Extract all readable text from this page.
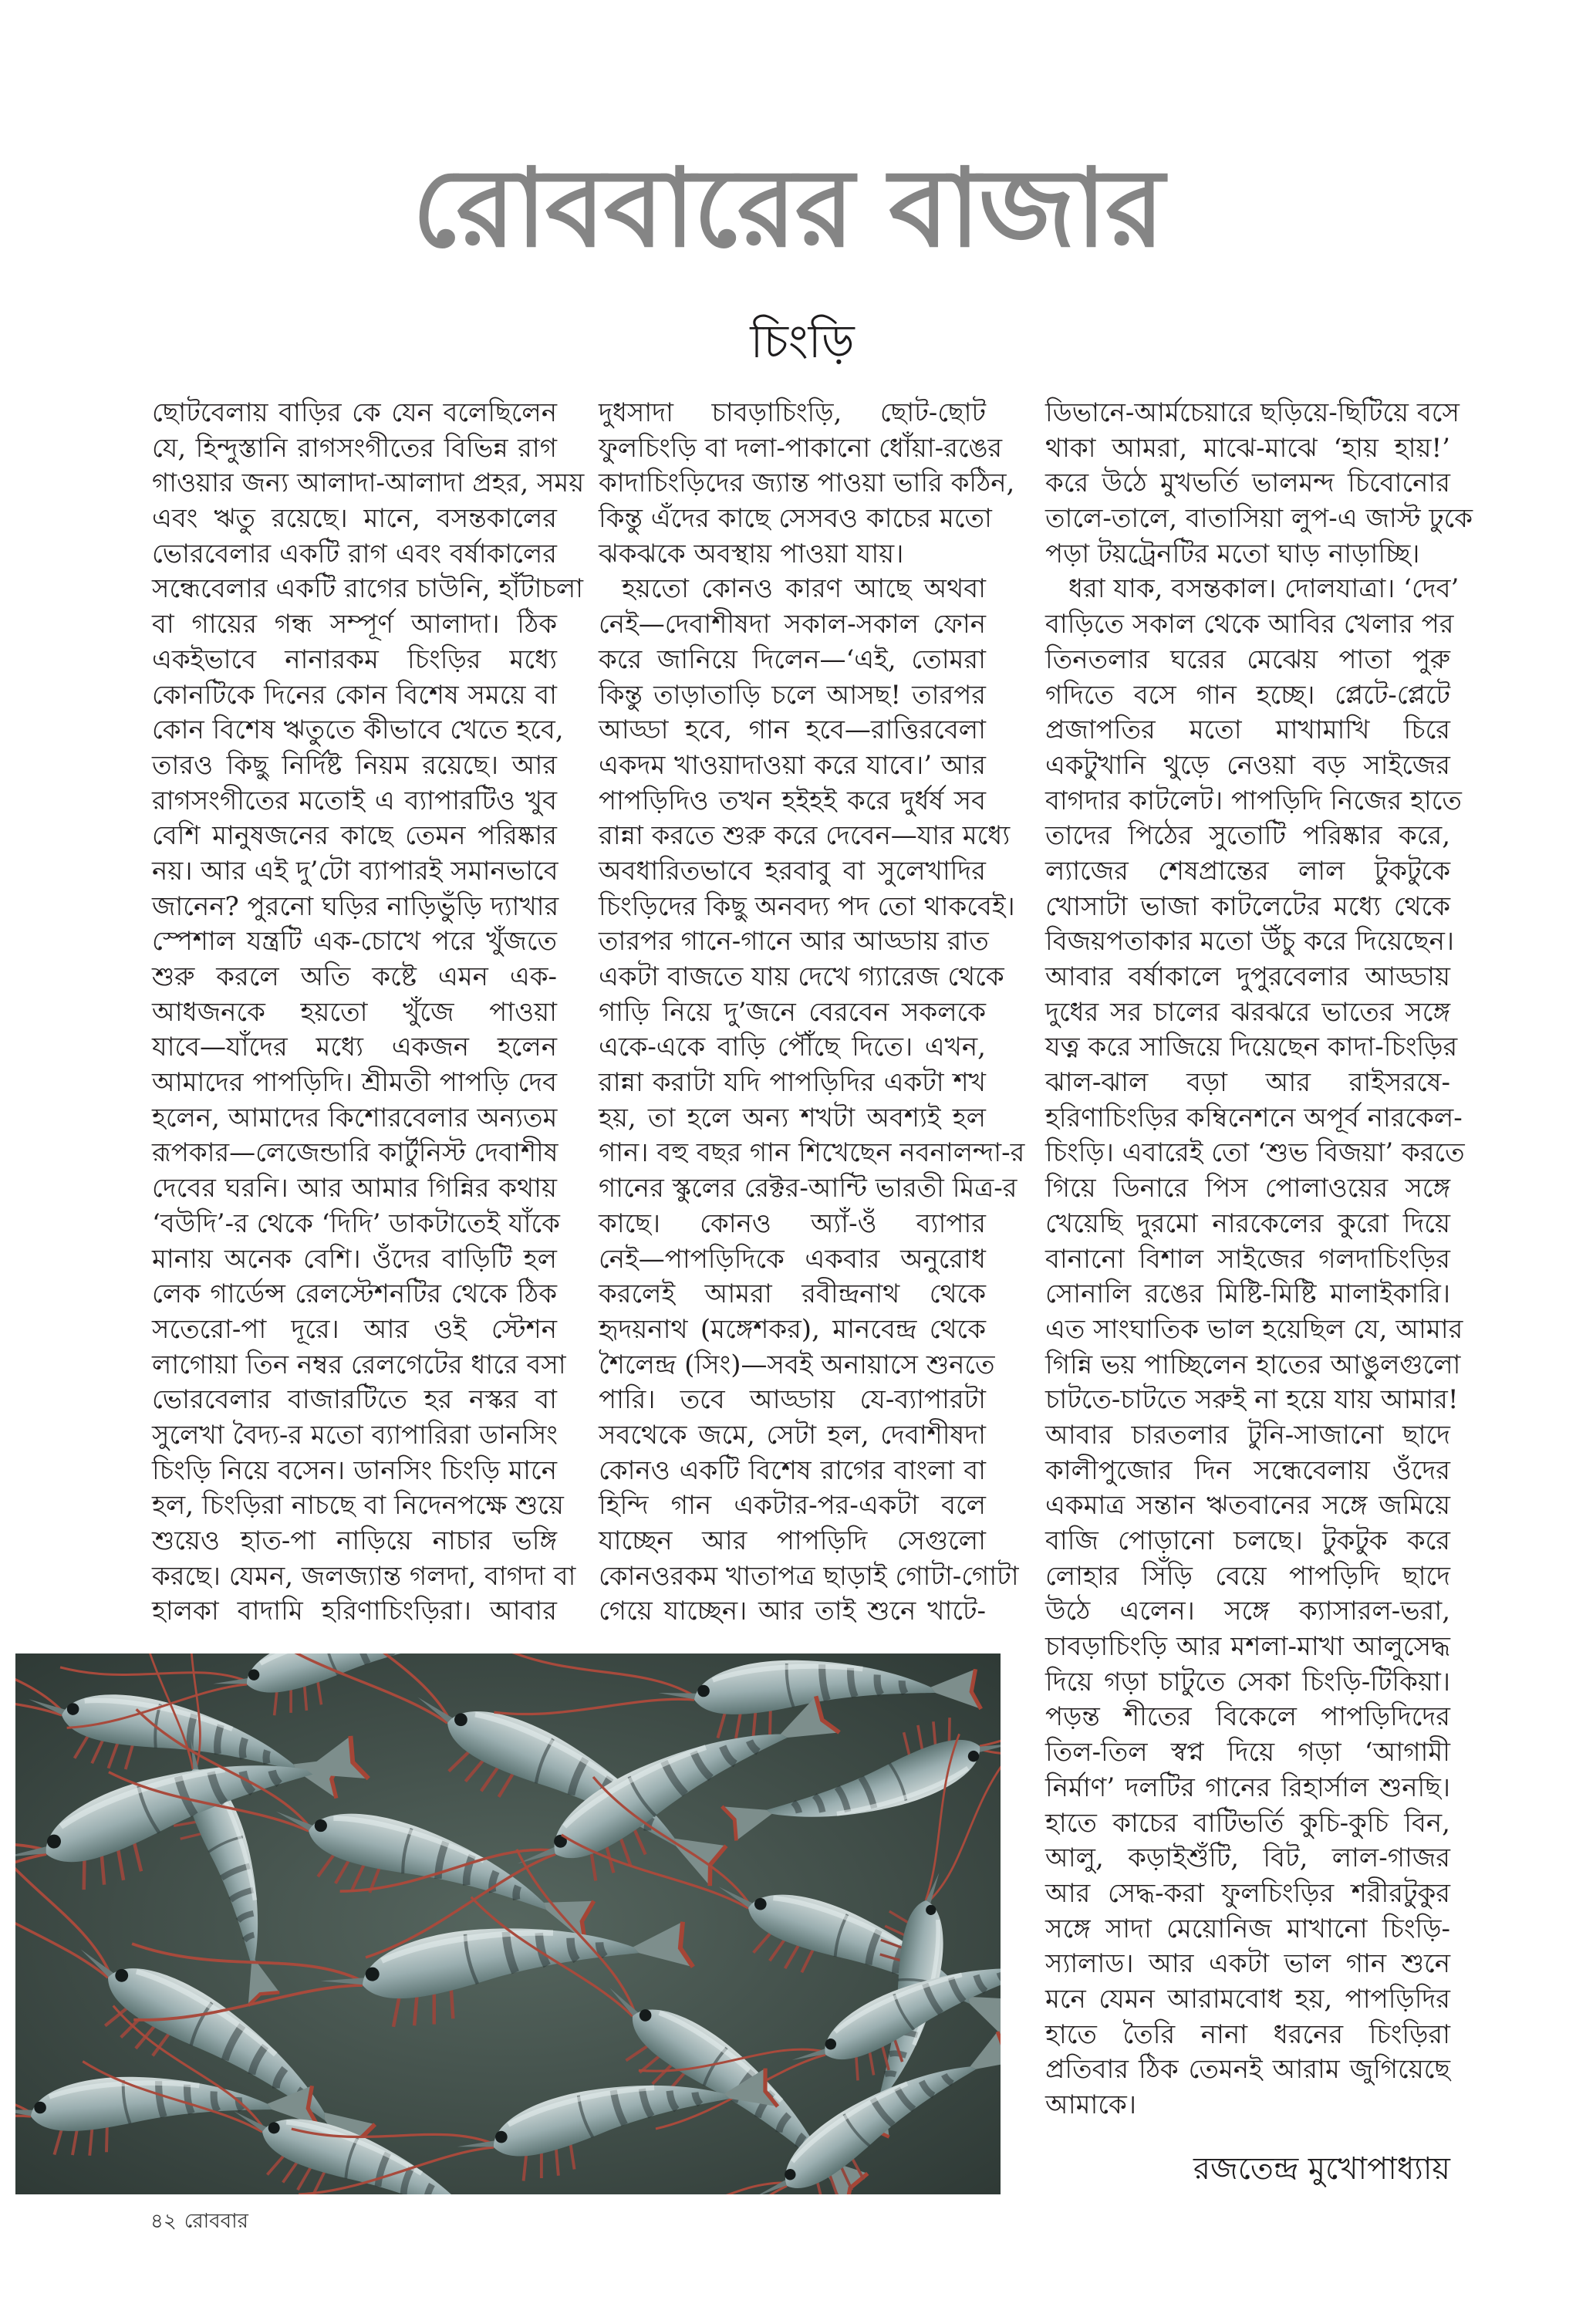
রোববারের বাজার
চিংড়ি
ছোটবেলায় বাড়ির কে যেন বলেছিলেন
যে, হিন্দুস্তানি রাগসংগীতের বিভিন্ন রাগ
গাওয়ার জন্য আলাদা-আলাদা প্রহর, সময়
এবং ঋতু রয়েছে। মানে, বসন্তকালের
ভোরবেলার একটি রাগ এবং বর্ষাকালের
সন্ধেবেলার একটি রাগের চাউনি, হাঁটাচলা
বা গায়ের গন্ধ সম্পূর্ণ আলাদা। ঠিক
একইভাবে নানারকম চিংড়ির মধ্যে
কোনটিকে দিনের কোন বিশেষ সময়ে বা
কোন বিশেষ ঋতুতে কীভাবে খেতে হবে,
তারও কিছু নির্দিষ্ট নিয়ম রয়েছে। আর
রাগসংগীতের মতোই এ ব্যাপারটিও খুব
বেশি মানুষজনের কাছে তেমন পরিষ্কার
নয়। আর এই দু’টো ব্যাপারই সমানভাবে
জানেন? পুরনো ঘড়ির নাড়িভুঁড়ি দ্যাখার
স্পেশাল যন্ত্রটি এক-চোখে পরে খুঁজতে
শুরু করলে অতি কষ্টে এমন এক-
আধজনকে হয়তো খুঁজে পাওয়া
যাবে—যাঁদের মধ্যে একজন হলেন
আমাদের পাপড়িদি। শ্রীমতী পাপড়ি দেব
হলেন, আমাদের কিশোরবেলার অন্যতম
রূপকার—লেজেন্ডারি কার্টুনিস্ট দেবাশীষ
দেবের ঘরনি। আর আমার গিন্নির কথায়
‘বউদি’-র থেকে ‘দিদি’ ডাকটাতেই যাঁকে
মানায় অনেক বেশি। ওঁদের বাড়িটি হল
লেক গার্ডেন্স রেলস্টেশনটির থেকে ঠিক
সতেরো-পা দূরে। আর ওই স্টেশন
লাগোয়া তিন নম্বর রেলগেটের ধারে বসা
ভোরবেলার বাজারটিতে হর নস্কর বা
সুলেখা বৈদ্য-র মতো ব্যাপারিরা ডানসিং
চিংড়ি নিয়ে বসেন। ডানসিং চিংড়ি মানে
হল, চিংড়িরা নাচছে বা নিদেনপক্ষে শুয়ে
শুয়েও হাত-পা নাড়িয়ে নাচার ভঙ্গি
করছে। যেমন, জলজ্যান্ত গলদা, বাগদা বা
হালকা বাদামি হরিণাচিংড়িরা। আবার
দুধসাদা চাবড়াচিংড়ি, ছোট-ছোট
ফুলচিংড়ি বা দলা-পাকানো ধোঁয়া-রঙের
কাদাচিংড়িদের জ্যান্ত পাওয়া ভারি কঠিন,
কিন্তু এঁদের কাছে সেসবও কাচের মতো
ঝকঝকে অবস্থায় পাওয়া যায়।
হয়তো কোনও কারণ আছে অথবা
নেই—দেবাশীষদা সকাল-সকাল ফোন
করে জানিয়ে দিলেন—‘এই, তোমরা
কিন্তু তাড়াতাড়ি চলে আসছ! তারপর
আড্ডা হবে, গান হবে—রাত্তিরবেলা
একদম খাওয়াদাওয়া করে যাবে।’ আর
পাপড়িদিও তখন হইহই করে দুর্ধর্ষ সব
রান্না করতে শুরু করে দেবেন—যার মধ্যে
অবধারিতভাবে হরবাবু বা সুলেখাদির
চিংড়িদের কিছু অনবদ্য পদ তো থাকবেই।
তারপর গানে-গানে আর আড্ডায় রাত
একটা বাজতে যায় দেখে গ্যারেজ থেকে
গাড়ি নিয়ে দু’জনে বেরবেন সকলকে
একে-একে বাড়ি পৌঁছে দিতে। এখন,
রান্না করাটা যদি পাপড়িদির একটা শখ
হয়, তা হলে অন্য শখটা অবশ্যই হল
গান। বহু বছর গান শিখেছেন নবনালন্দা-র
গানের স্কুলের রেক্টর-আন্টি ভারতী মিত্র-র
কাছে। কোনও অ্যাঁ-ওঁ ব্যাপার
নেই—পাপড়িদিকে একবার অনুরোধ
করলেই আমরা রবীন্দ্রনাথ থেকে
হৃদয়নাথ (মঙ্গেশকর), মানবেন্দ্র থেকে
শৈলেন্দ্র (সিং)—সবই অনায়াসে শুনতে
পারি। তবে আড্ডায় যে-ব্যাপারটা
সবথেকে জমে, সেটা হল, দেবাশীষদা
কোনও একটি বিশেষ রাগের বাংলা বা
হিন্দি গান একটার-পর-একটা বলে
যাচ্ছেন আর পাপড়িদি সেগুলো
কোনওরকম খাতাপত্র ছাড়াই গোটা-গোটা
গেয়ে যাচ্ছেন। আর তাই শুনে খাটে-
ডিভানে-আর্মচেয়ারে ছড়িয়ে-ছিটিয়ে বসে
থাকা আমরা, মাঝে-মাঝে ‘হায় হায়!’
করে উঠে মুখভর্তি ভালমন্দ চিবোনোর
তালে-তালে, বাতাসিয়া লুপ-এ জাস্ট ঢুকে
পড়া টয়ট্রেনটির মতো ঘাড় নাড়াচ্ছি।
ধরা যাক, বসন্তকাল। দোলযাত্রা। ‘দেব’
বাড়িতে সকাল থেকে আবির খেলার পর
তিনতলার ঘরের মেঝেয় পাতা পুরু
গদিতে বসে গান হচ্ছে। প্লেটে-প্লেটে
প্রজাপতির মতো মাখামাখি চিরে
একটুখানি থুড়ে নেওয়া বড় সাইজের
বাগদার কাটলেট। পাপড়িদি নিজের হাতে
তাদের পিঠের সুতোটি পরিষ্কার করে,
ল্যাজের শেষপ্রান্তের লাল টুকটুকে
খোসাটা ভাজা কাটলেটের মধ্যে থেকে
বিজয়পতাকার মতো উঁচু করে দিয়েছেন।
আবার বর্ষাকালে দুপুরবেলার আড্ডায়
দুধের সর চালের ঝরঝরে ভাতের সঙ্গে
যত্ন করে সাজিয়ে দিয়েছেন কাদা-চিংড়ির
ঝাল-ঝাল বড়া আর রাইসরষে-
হরিণাচিংড়ির কম্বিনেশনে অপূর্ব নারকেল-
চিংড়ি। এবারেই তো ‘শুভ বিজয়া’ করতে
গিয়ে ডিনারে পিস পোলাওয়ের সঙ্গে
খেয়েছি দুরমো নারকেলের কুরো দিয়ে
বানানো বিশাল সাইজের গলদাচিংড়ির
সোনালি রঙের মিষ্টি-মিষ্টি মালাইকারি।
এত সাংঘাতিক ভাল হয়েছিল যে, আমার
গিন্নি ভয় পাচ্ছিলেন হাতের আঙুলগুলো
চাটতে-চাটতে সরুই না হয়ে যায় আমার!
আবার চারতলার টুনি-সাজানো ছাদে
কালীপুজোর দিন সন্ধেবেলায় ওঁদের
একমাত্র সন্তান ঋতবানের সঙ্গে জমিয়ে
বাজি পোড়ানো চলছে। টুকটুক করে
লোহার সিঁড়ি বেয়ে পাপড়িদি ছাদে
উঠে এলেন। সঙ্গে ক্যাসারল-ভরা,
চাবড়াচিংড়ি আর মশলা-মাখা আলুসেদ্ধ
দিয়ে গড়া চাটুতে সেকা চিংড়ি-টিকিয়া।
পড়ন্ত শীতের বিকেলে পাপড়িদিদের
তিল-তিল স্বপ্ন দিয়ে গড়া ‘আগামী
নির্মাণ’ দলটির গানের রিহার্সাল শুনছি।
হাতে কাচের বাটিভর্তি কুচি-কুচি বিন,
আলু, কড়াইশুঁটি, বিট, লাল-গাজর
আর সেদ্ধ-করা ফুলচিংড়ির শরীরটুকুর
সঙ্গে সাদা মেয়োনিজ মাখানো চিংড়ি-
স্যালাড। আর একটা ভাল গান শুনে
মনে যেমন আরামবোধ হয়, পাপড়িদির
হাতে তৈরি নানা ধরনের চিংড়িরা
প্রতিবার ঠিক তেমনই আরাম জুগিয়েছে
আমাকে।
রজতেন্দ্র মুখোপাধ্যায়
৪২ রোববার
